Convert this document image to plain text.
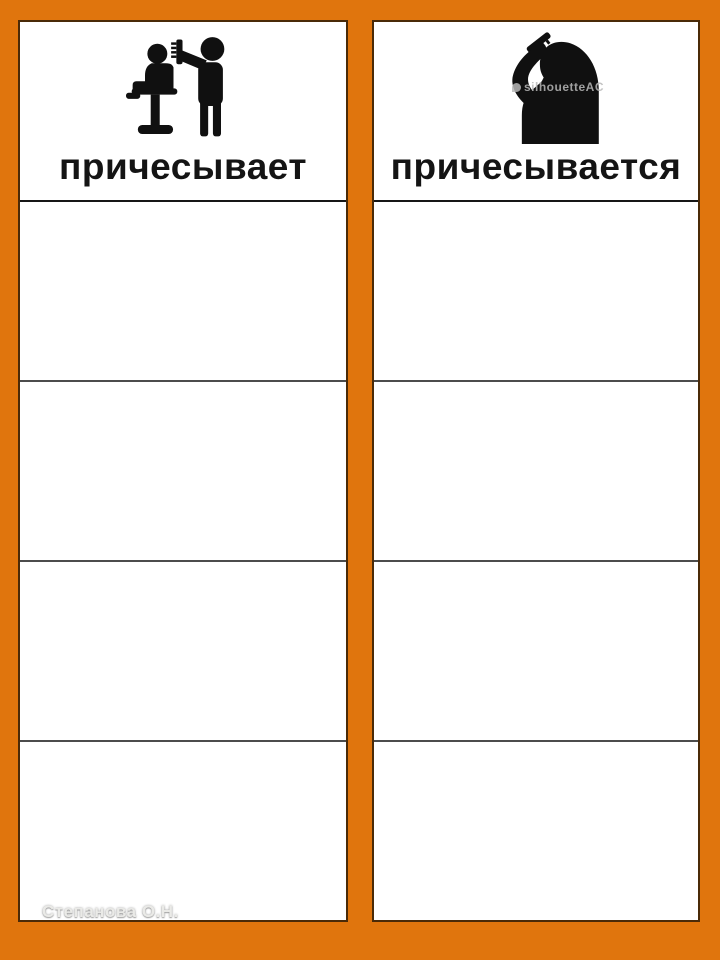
причесывает
silhouetteAC
причесывается
Степанова О.Н.
